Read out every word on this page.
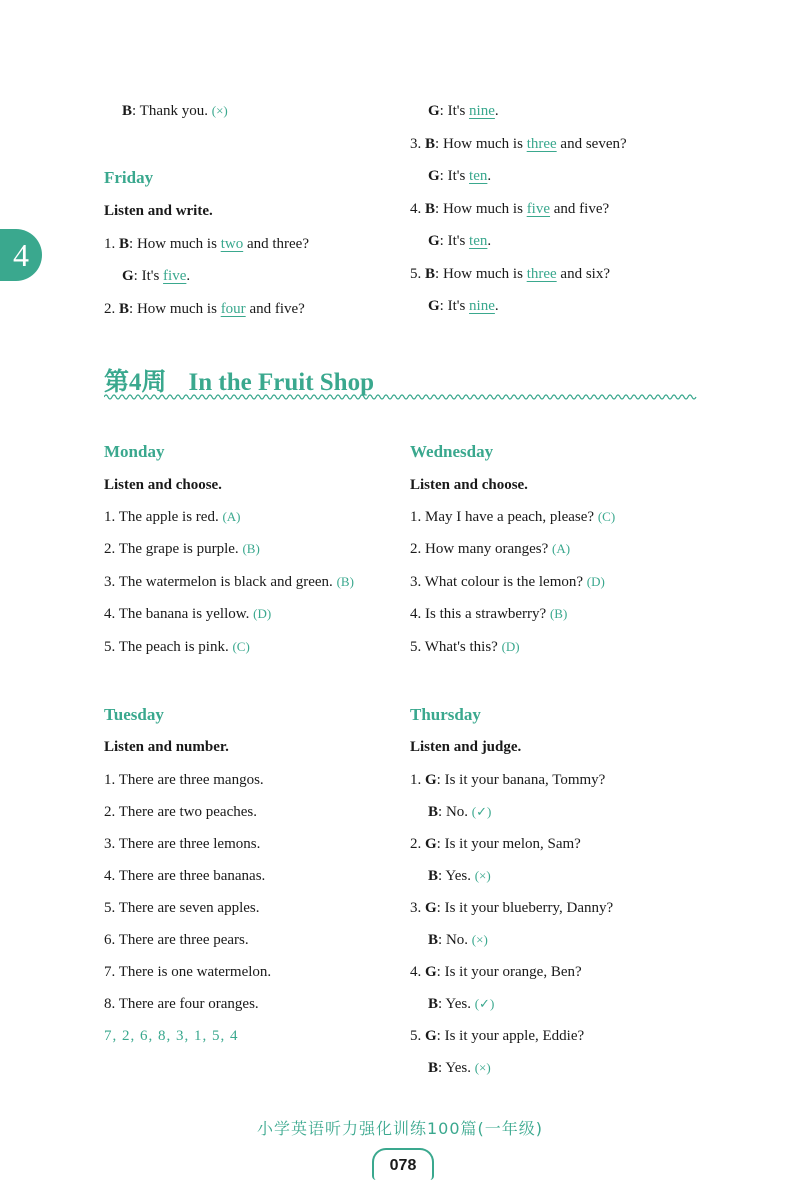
4
B: Thank you. (×)
Friday
Listen and write.
1. B: How much is two and three?
G: It's five.
2. B: How much is four and five?
G: It's nine.
3. B: How much is three and seven?
G: It's ten.
4. B: How much is five and five?
G: It's ten.
5. B: How much is three and six?
G: It's nine.
第4周 In the Fruit Shop
Monday
Listen and choose.
1. The apple is red. (A)
2. The grape is purple. (B)
3. The watermelon is black and green. (B)
4. The banana is yellow. (D)
5. The peach is pink. (C)
Wednesday
Listen and choose.
1. May I have a peach, please? (C)
2. How many oranges? (A)
3. What colour is the lemon? (D)
4. Is this a strawberry? (B)
5. What's this? (D)
Tuesday
Listen and number.
1. There are three mangos.
2. There are two peaches.
3. There are three lemons.
4. There are three bananas.
5. There are seven apples.
6. There are three pears.
7. There is one watermelon.
8. There are four oranges.
7, 2, 6, 8, 3, 1, 5, 4
Thursday
Listen and judge.
1. G: Is it your banana, Tommy?
B: No. (✓)
2. G: Is it your melon, Sam?
B: Yes. (×)
3. G: Is it your blueberry, Danny?
B: No. (×)
4. G: Is it your orange, Ben?
B: Yes. (✓)
5. G: Is it your apple, Eddie?
B: Yes. (×)
小学英语听力强化训练100篇(一年级)
078
